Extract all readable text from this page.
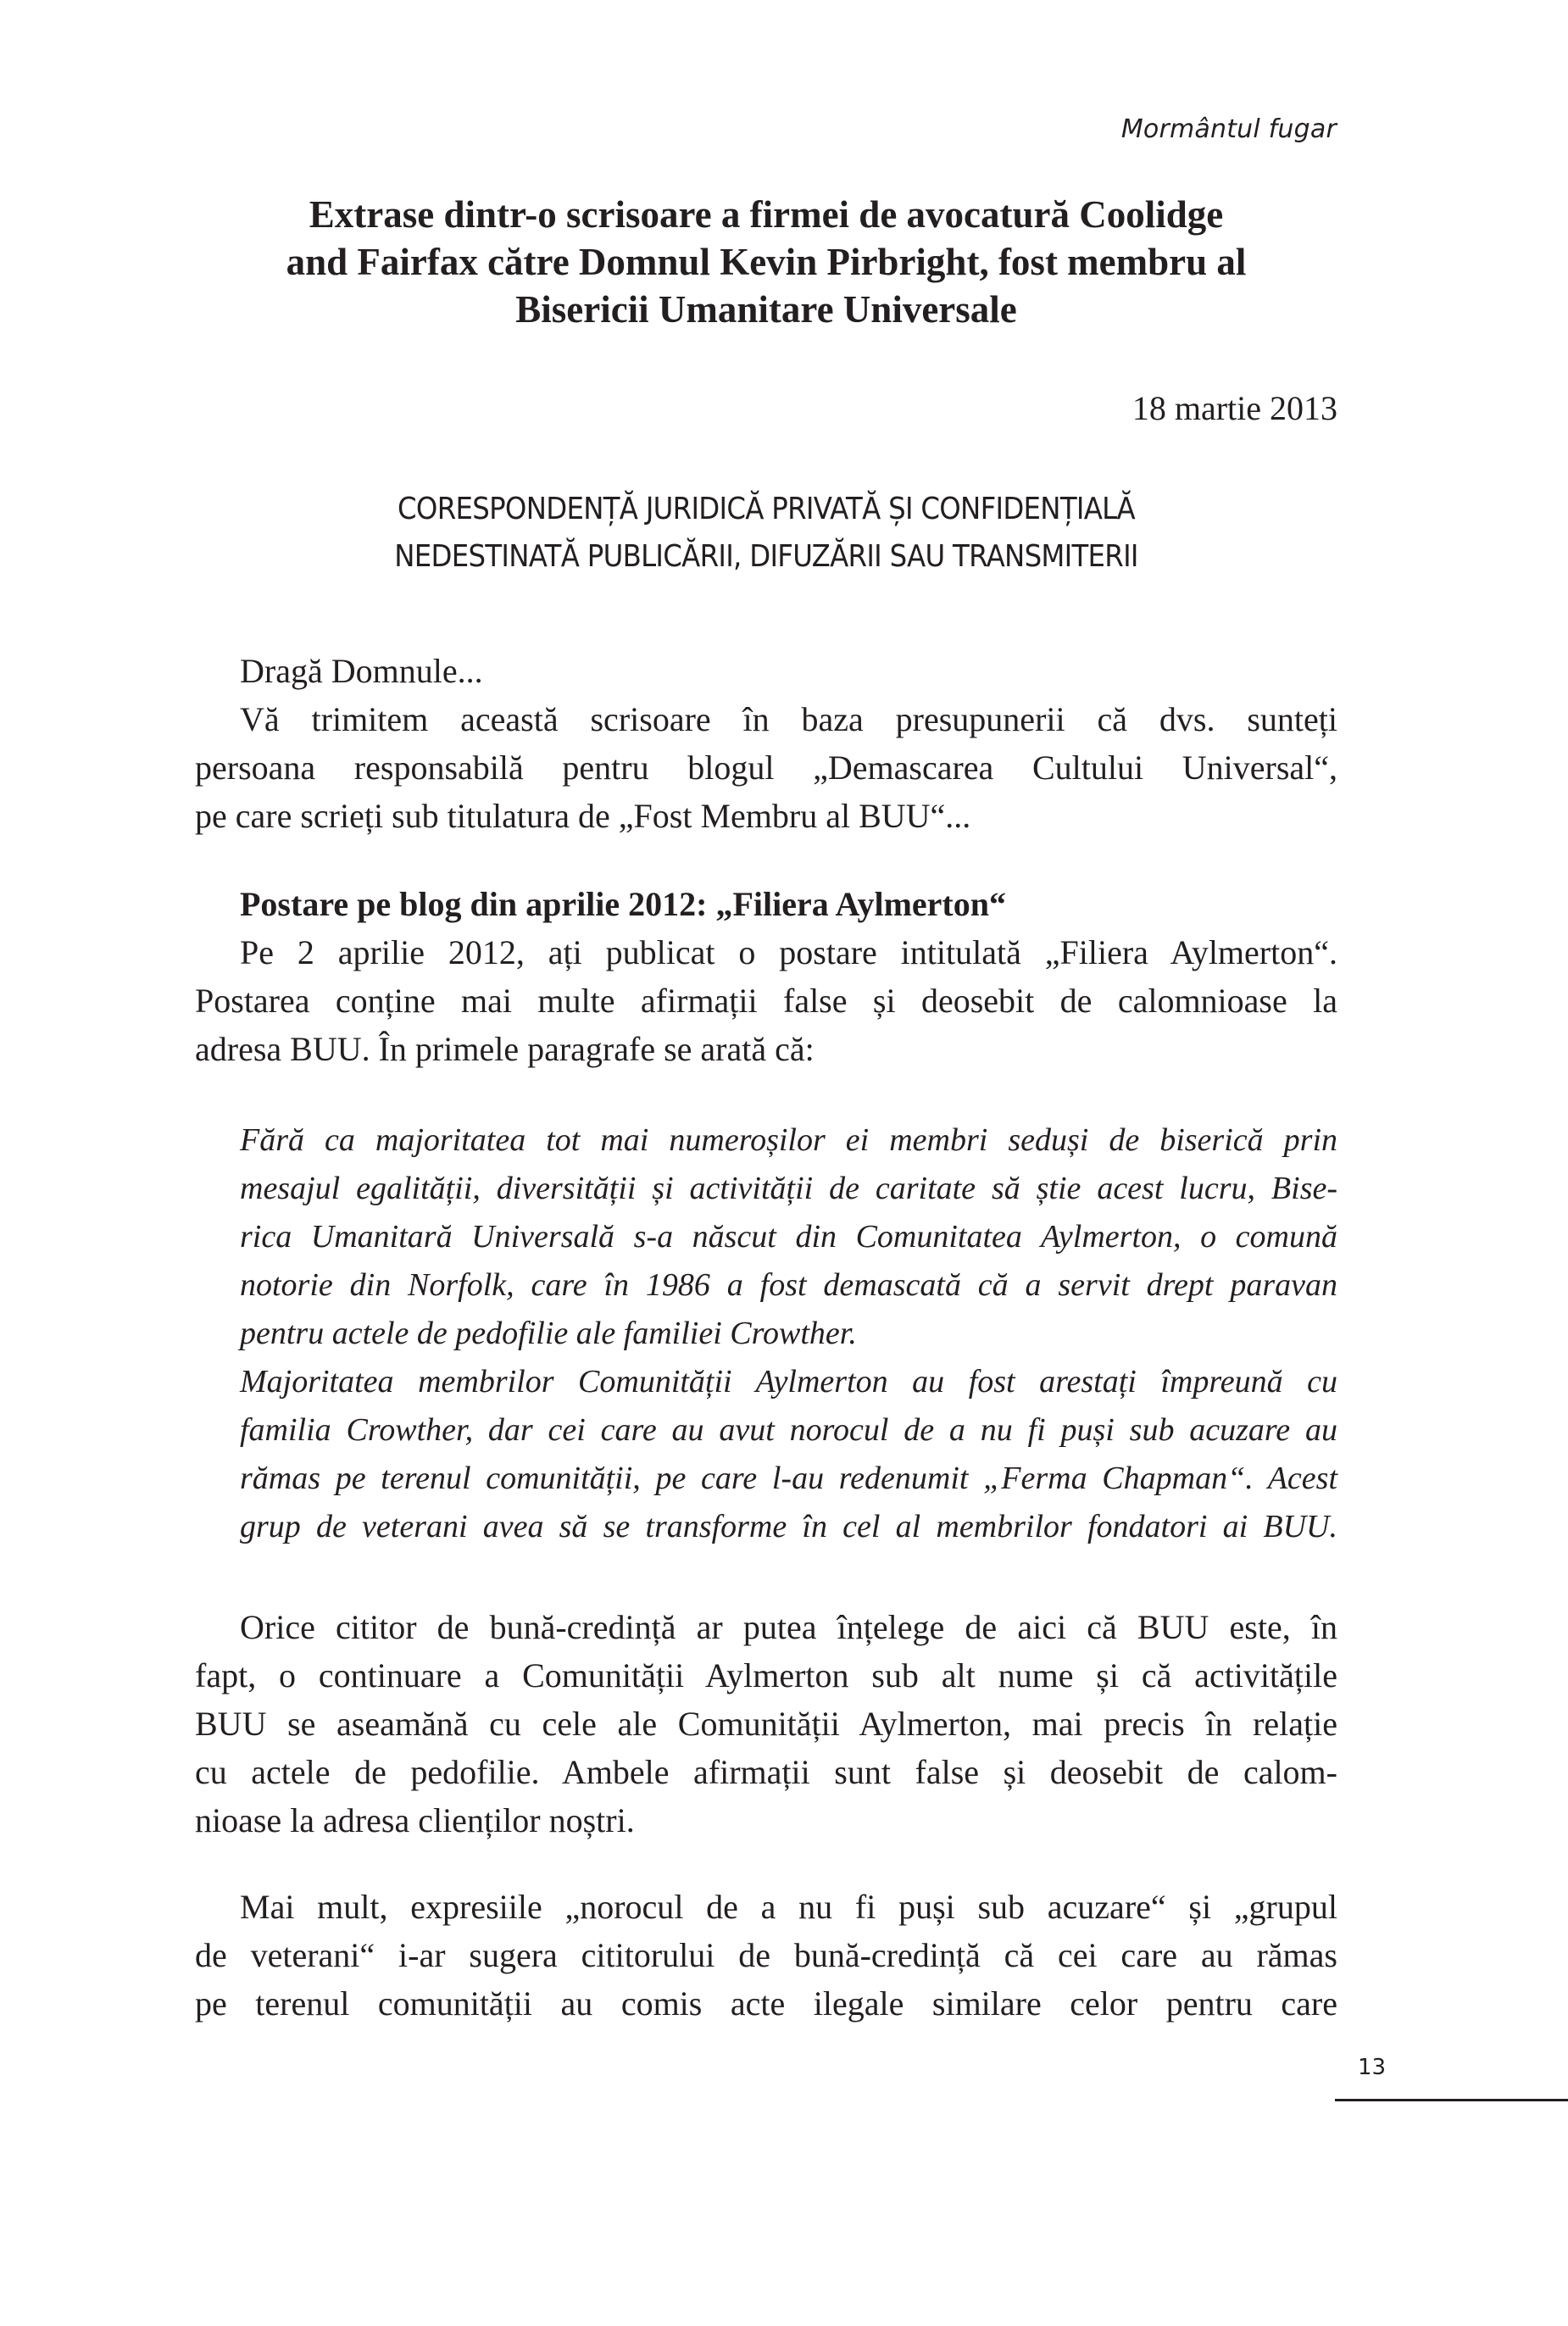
Mormântul fugar
Extrase dintr-o scrisoare a firmei de avocatură Coolidge
and Fairfax către Domnul Kevin Pirbright, fost membru al
Bisericii Umanitare Universale
18 martie 2013
CORESPONDENȚĂ JURIDICĂ PRIVATĂ ȘI CONFIDENȚIALĂ
NEDESTINATĂ PUBLICĂRII, DIFUZĂRII SAU TRANSMITERII
Dragă Domnule...
Vă trimitem această scrisoare în baza presupunerii că dvs. sunteți
persoana responsabilă pentru blogul „Demascarea Cultului Universal“,
pe care scrieți sub titulatura de „Fost Membru al BUU“...
Postare pe blog din aprilie 2012: „Filiera Aylmerton“
Pe 2 aprilie 2012, ați publicat o postare intitulată „Filiera Aylmerton“.
Postarea conține mai multe afirmații false și deosebit de calomnioase la
adresa BUU. În primele paragrafe se arată că:
Fără ca majoritatea tot mai numeroșilor ei membri seduși de biserică prin
mesajul egalității, diversității și activității de caritate să știe acest lucru, Bise-
rica Umanitară Universală s-a născut din Comunitatea Aylmerton, o comună
notorie din Norfolk, care în 1986 a fost demascată că a servit drept paravan
pentru actele de pedofilie ale familiei Crowther.
Majoritatea membrilor Comunității Aylmerton au fost arestați împreună cu
familia Crowther, dar cei care au avut norocul de a nu fi puși sub acuzare au
rămas pe terenul comunității, pe care l-au redenumit „Ferma Chapman“. Acest
grup de veterani avea să se transforme în cel al membrilor fondatori ai BUU.
Orice cititor de bună-credință ar putea înțelege de aici că BUU este, în
fapt, o continuare a Comunității Aylmerton sub alt nume și că activitățile
BUU se aseamănă cu cele ale Comunității Aylmerton, mai precis în relație
cu actele de pedofilie. Ambele afirmații sunt false și deosebit de calom-
nioase la adresa clienților noștri.
Mai mult, expresiile „norocul de a nu fi puși sub acuzare“ și „grupul
de veterani“ i-ar sugera cititorului de bună-credință că cei care au rămas
pe terenul comunității au comis acte ilegale similare celor pentru care
13
